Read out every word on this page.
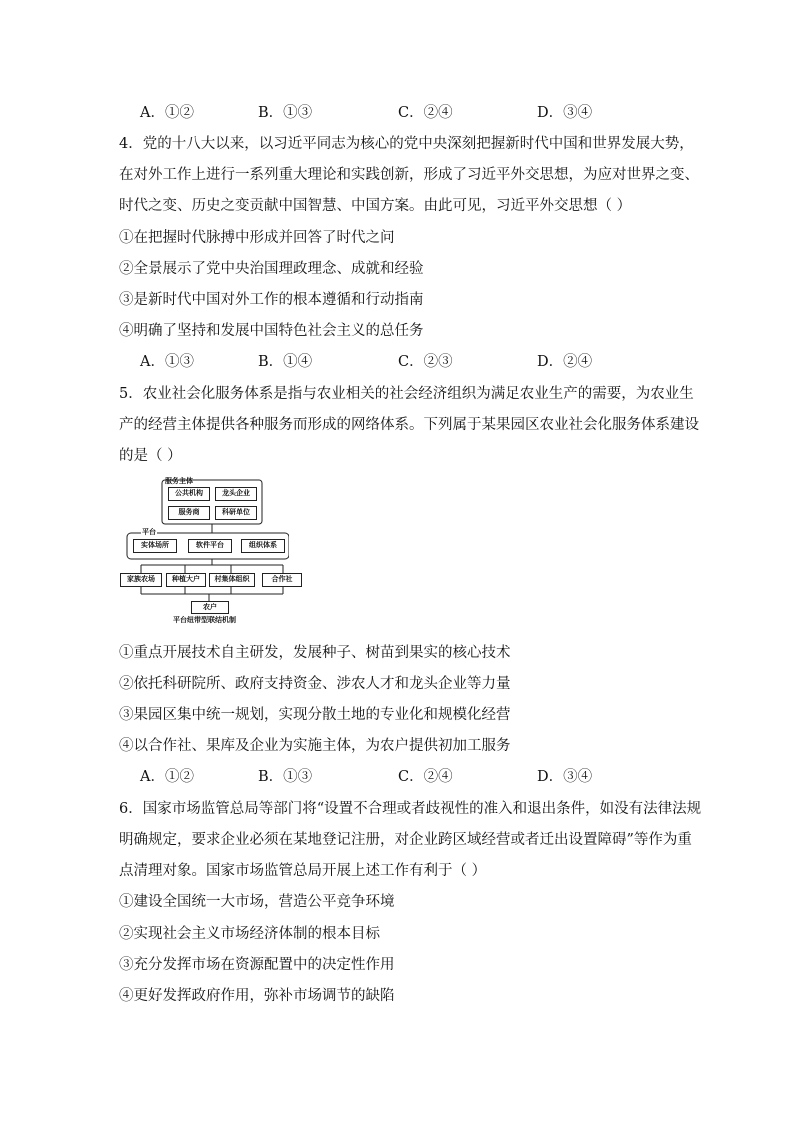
A．①②	B．①③	C．②④	D．③④
4．党的十八大以来，以习近平同志为核心的党中央深刻把握新时代中国和世界发展大势，
在对外工作上进行一系列重大理论和实践创新，形成了习近平外交思想，为应对世界之变、
时代之变、历史之变贡献中国智慧、中国方案。由此可见，习近平外交思想（ ）
①在把握时代脉搏中形成并回答了时代之问
②全景展示了党中央治国理政理念、成就和经验
③是新时代中国对外工作的根本遵循和行动指南
④明确了坚持和发展中国特色社会主义的总任务
A．①③	B．①④	C．②③	D．②④
5．农业社会化服务体系是指与农业相关的社会经济组织为满足农业生产的需要，为农业生
产的经营主体提供各种服务而形成的网络体系。下列属于某果园区农业社会化服务体系建设
的是（ ）
服务主体
公共机构	龙头企业
服务商	科研单位
平台
实体场所	软件平台	组织体系
家族农场	种植大户	村集体组织	合作社
农户
平台纽带型联结机制
①重点开展技术自主研发，发展种子、树苗到果实的核心技术
②依托科研院所、政府支持资金、涉农人才和龙头企业等力量
③果园区集中统一规划，实现分散土地的专业化和规模化经营
④以合作社、果库及企业为实施主体，为农户提供初加工服务
A．①②	B．①③	C．②④	D．③④
6．国家市场监管总局等部门将“设置不合理或者歧视性的准入和退出条件，如没有法律法规
明确规定，要求企业必须在某地登记注册，对企业跨区域经营或者迁出设置障碍”等作为重
点清理对象。国家市场监管总局开展上述工作有利于（ ）
①建设全国统一大市场，营造公平竞争环境
②实现社会主义市场经济体制的根本目标
③充分发挥市场在资源配置中的决定性作用
④更好发挥政府作用，弥补市场调节的缺陷
